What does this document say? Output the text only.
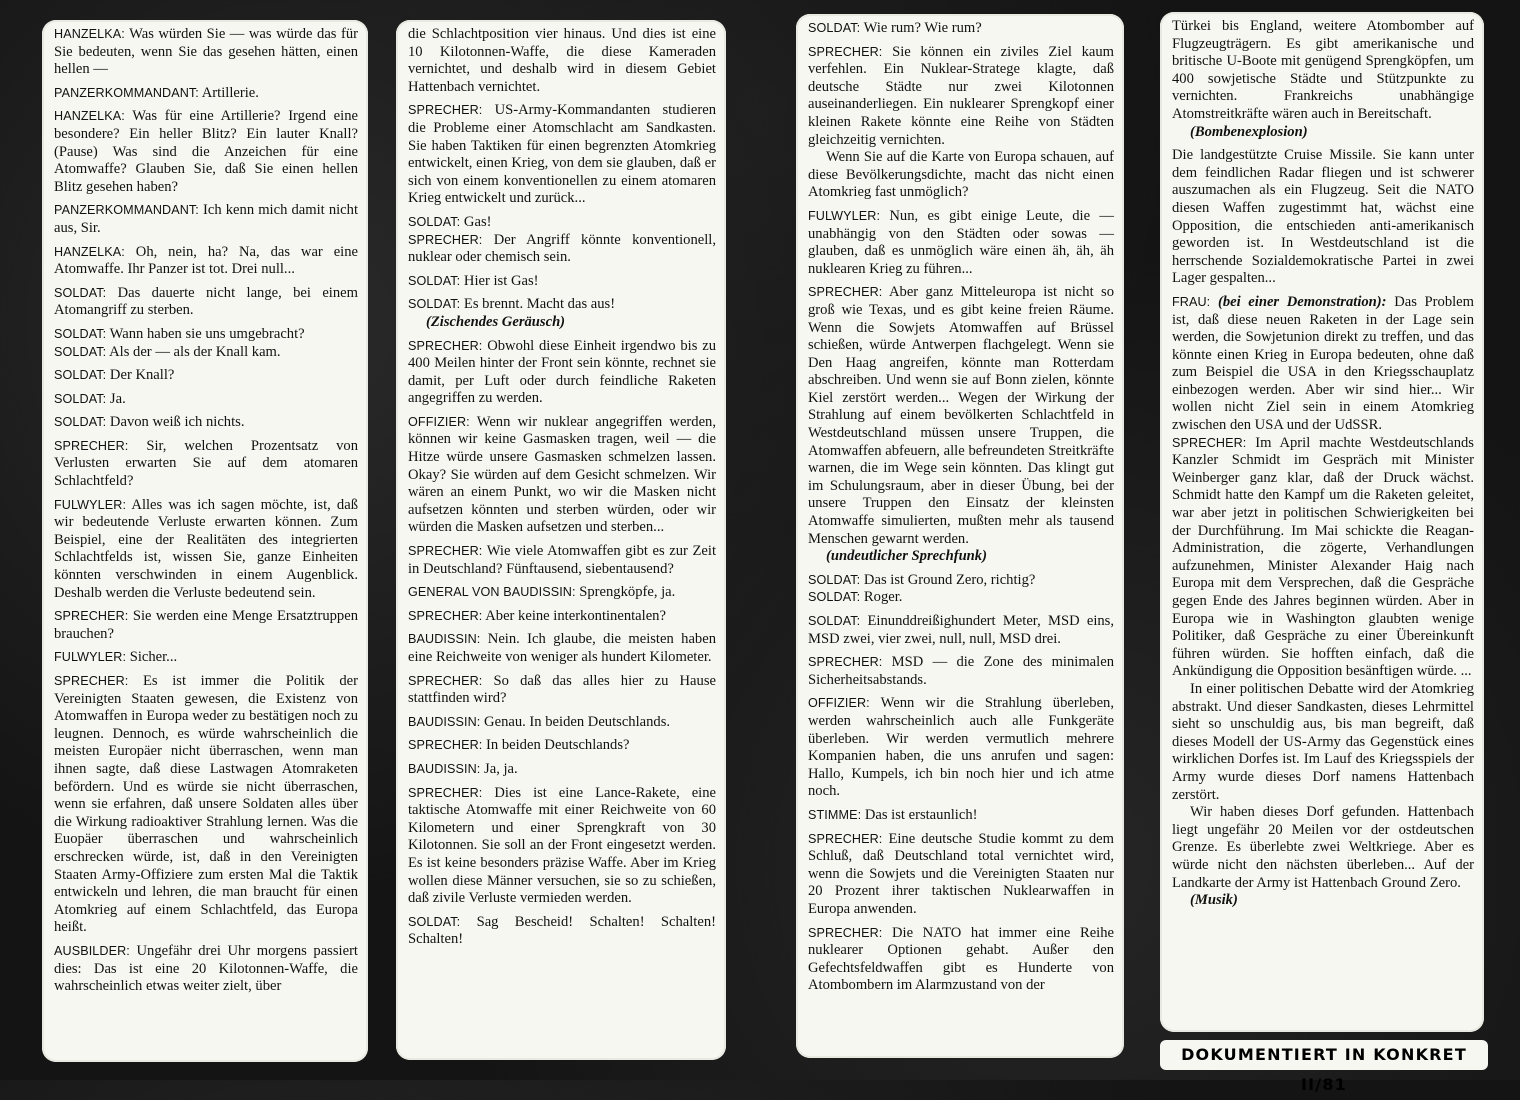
HANZELKA: Was würden Sie — was würde das für Sie bedeuten, wenn Sie das gesehen hätten, einen hellen —

PANZERKOMMANDANT: Artillerie.

HANZELKA: Was für eine Artillerie? Irgend eine besondere? Ein heller Blitz? Ein lauter Knall? (Pause) Was sind die Anzeichen für eine Atomwaffe? Glauben Sie, daß Sie einen hellen Blitz gesehen haben?

PANZERKOMMANDANT: Ich kenn mich damit nicht aus, Sir.

HANZELKA: Oh, nein, ha? Na, das war eine Atomwaffe. Ihr Panzer ist tot. Drei null...

SOLDAT: Das dauerte nicht lange, bei einem Atomangriff zu sterben.

SOLDAT: Wann haben sie uns umgebracht?

SOLDAT: Als der — als der Knall kam.

SOLDAT: Der Knall?

SOLDAT: Ja.

SOLDAT: Davon weiß ich nichts.

SPRECHER: Sir, welchen Prozentsatz von Verlusten erwarten Sie auf dem atomaren Schlachtfeld?

FULWYLER: Alles was ich sagen möchte, ist, daß wir bedeutende Verluste erwarten können. Zum Beispiel, eine der Realitäten des integrierten Schlachtfelds ist, wissen Sie, ganze Einheiten könnten verschwinden in einem Augenblick. Deshalb werden die Verluste bedeutend sein.

SPRECHER: Sie werden eine Menge Ersatztruppen brauchen?

FULWYLER: Sicher...

SPRECHER: Es ist immer die Politik der Vereinigten Staaten gewesen, die Existenz von Atomwaffen in Europa weder zu bestätigen noch zu leugnen. Dennoch, es würde wahrscheinlich die meisten Europäer nicht überraschen, wenn man ihnen sagte, daß diese Lastwagen Atomraketen befördern. Und es würde sie nicht überraschen, wenn sie erfahren, daß unsere Soldaten alles über die Wirkung radioaktiver Strahlung lernen. Was die Euopäer überraschen und wahrscheinlich erschrecken würde, ist, daß in den Vereinigten Staaten Army-Offiziere zum ersten Mal die Taktik entwickeln und lehren, die man braucht für einen Atomkrieg auf einem Schlachtfeld, das Europa heißt.

AUSBILDER: Ungefähr drei Uhr morgens passiert dies: Das ist eine 20 Kilotonnen-Waffe, die wahrscheinlich etwas weiter zielt, über

die Schlachtposition vier hinaus. Und dies ist eine 10 Kilotonnen-Waffe, die diese Kameraden vernichtet, und deshalb wird in diesem Gebiet Hattenbach vernichtet.

SPRECHER: US-Army-Kommandanten studieren die Probleme einer Atomschlacht am Sandkasten. Sie haben Taktiken für einen begrenzten Atomkrieg entwickelt, einen Krieg, von dem sie glauben, daß er sich von einem konventionellen zu einem atomaren Krieg entwickelt und zurück...

SOLDAT: Gas!

SPRECHER: Der Angriff könnte konventionell, nuklear oder chemisch sein.

SOLDAT: Hier ist Gas!

SOLDAT: Es brennt. Macht das aus!

(Zischendes Geräusch)

SPRECHER: Obwohl diese Einheit irgendwo bis zu 400 Meilen hinter der Front sein könnte, rechnet sie damit, per Luft oder durch feindliche Raketen angegriffen zu werden.

OFFIZIER: Wenn wir nuklear angegriffen werden, können wir keine Gasmasken tragen, weil — die Hitze würde unsere Gasmasken schmelzen lassen. Okay? Sie würden auf dem Gesicht schmelzen. Wir wären an einem Punkt, wo wir die Masken nicht aufsetzen könnten und sterben würden, oder wir würden die Masken aufsetzen und sterben...

SPRECHER: Wie viele Atomwaffen gibt es zur Zeit in Deutschland? Fünftausend, siebentausend?

GENERAL VON BAUDISSIN: Sprengköpfe, ja.

SPRECHER: Aber keine interkontinentalen?

BAUDISSIN: Nein. Ich glaube, die meisten haben eine Reichweite von weniger als hundert Kilometer.

SPRECHER: So daß das alles hier zu Hause stattfinden wird?

BAUDISSIN: Genau. In beiden Deutschlands.

SPRECHER: In beiden Deutschlands?

BAUDISSIN: Ja, ja.

SPRECHER: Dies ist eine Lance-Rakete, eine taktische Atomwaffe mit einer Reichweite von 60 Kilometern und einer Sprengkraft von 30 Kilotonnen. Sie soll an der Front eingesetzt werden. Es ist keine besonders präzise Waffe. Aber im Krieg wollen diese Männer versuchen, sie so zu schießen, daß zivile Verluste vermieden werden.

SOLDAT: Sag Bescheid! Schalten! Schalten! Schalten!

SOLDAT: Wie rum? Wie rum?

SPRECHER: Sie können ein ziviles Ziel kaum verfehlen. Ein Nuklear-Stratege klagte, daß deutsche Städte nur zwei Kilotonnen auseinanderliegen. Ein nuklearer Sprengkopf einer kleinen Rakete könnte eine Reihe von Städten gleichzeitig vernichten.

Wenn Sie auf die Karte von Europa schauen, auf diese Bevölkerungsdichte, macht das nicht einen Atomkrieg fast unmöglich?

FULWYLER: Nun, es gibt einige Leute, die — unabhängig von den Städten oder sowas — glauben, daß es unmöglich wäre einen äh, äh, äh nuklearen Krieg zu führen...

SPRECHER: Aber ganz Mitteleuropa ist nicht so groß wie Texas, und es gibt keine freien Räume. Wenn die Sowjets Atomwaffen auf Brüssel schießen, würde Antwerpen flachgelegt. Wenn sie Den Haag angreifen, könnte man Rotterdam abschreiben. Und wenn sie auf Bonn zielen, könnte Kiel zerstört werden... Wegen der Wirkung der Strahlung auf einem bevölkerten Schlachtfeld in Westdeutschland müssen unsere Truppen, die Atomwaffen abfeuern, alle befreundeten Streitkräfte warnen, die im Wege sein könnten. Das klingt gut im Schulungsraum, aber in dieser Übung, bei der unsere Truppen den Einsatz der kleinsten Atomwaffe simulierten, mußten mehr als tausend Menschen gewarnt werden.

(undeutlicher Sprechfunk)

SOLDAT: Das ist Ground Zero, richtig?

SOLDAT: Roger.

SOLDAT: Einunddreißighundert Meter, MSD eins, MSD zwei, vier zwei, null, null, MSD drei.

SPRECHER: MSD — die Zone des minimalen Sicherheitsabstands.

OFFIZIER: Wenn wir die Strahlung überleben, werden wahrscheinlich auch alle Funkgeräte überleben. Wir werden vermutlich mehrere Kompanien haben, die uns anrufen und sagen: Hallo, Kumpels, ich bin noch hier und ich atme noch.

STIMME: Das ist erstaunlich!

SPRECHER: Eine deutsche Studie kommt zu dem Schluß, daß Deutschland total vernichtet wird, wenn die Sowjets und die Vereinigten Staaten nur 20 Prozent ihrer taktischen Nuklearwaffen in Europa anwenden.

SPRECHER: Die NATO hat immer eine Reihe nuklearer Optionen gehabt. Außer den Gefechtsfeldwaffen gibt es Hunderte von Atombombern im Alarmzustand von der

Türkei bis England, weitere Atombomber auf Flugzeugträgern. Es gibt amerikanische und britische U-Boote mit genügend Sprengköpfen, um 400 sowjetische Städte und Stützpunkte zu vernichten. Frankreichs unabhängige Atomstreitkräfte wären auch in Bereitschaft.

(Bombenexplosion)

Die landgestützte Cruise Missile. Sie kann unter dem feindlichen Radar fliegen und ist schwerer auszumachen als ein Flugzeug. Seit die NATO diesen Waffen zugestimmt hat, wächst eine Opposition, die entschieden anti-amerikanisch geworden ist. In Westdeutschland ist die herrschende Sozialdemokratische Partei in zwei Lager gespalten...

FRAU: (bei einer Demonstration): Das Problem ist, daß diese neuen Raketen in der Lage sein werden, die Sowjetunion direkt zu treffen, und das könnte einen Krieg in Europa bedeuten, ohne daß zum Beispiel die USA in den Kriegsschauplatz einbezogen werden. Aber wir sind hier... Wir wollen nicht Ziel sein in einem Atomkrieg zwischen den USA und der UdSSR.

SPRECHER: Im April machte Westdeutschlands Kanzler Schmidt im Gespräch mit Minister Weinberger ganz klar, daß der Druck wächst. Schmidt hatte den Kampf um die Raketen geleitet, war aber jetzt in politischen Schwierigkeiten bei der Durchführung. Im Mai schickte die Reagan-Administration, die zögerte, Verhandlungen aufzunehmen, Minister Alexander Haig nach Europa mit dem Versprechen, daß die Gespräche gegen Ende des Jahres beginnen würden. Aber in Europa wie in Washington glaubten wenige Politiker, daß Gespräche zu einer Übereinkunft führen würden. Sie hofften einfach, daß die Ankündigung die Opposition besänftigen würde. ...

In einer politischen Debatte wird der Atomkrieg abstrakt. Und dieser Sandkasten, dieses Lehrmittel sieht so unschuldig aus, bis man begreift, daß dieses Modell der US-Army das Gegenstück eines wirklichen Dorfes ist. Im Lauf des Kriegsspiels der Army wurde dieses Dorf namens Hattenbach zerstört.

Wir haben dieses Dorf gefunden. Hattenbach liegt ungefähr 20 Meilen vor der ostdeutschen Grenze. Es überlebte zwei Weltkriege. Aber es würde nicht den nächsten überleben... Auf der Landkarte der Army ist Hattenbach Ground Zero.

(Musik)

DOKUMENTIERT IN KONKRET II/81
